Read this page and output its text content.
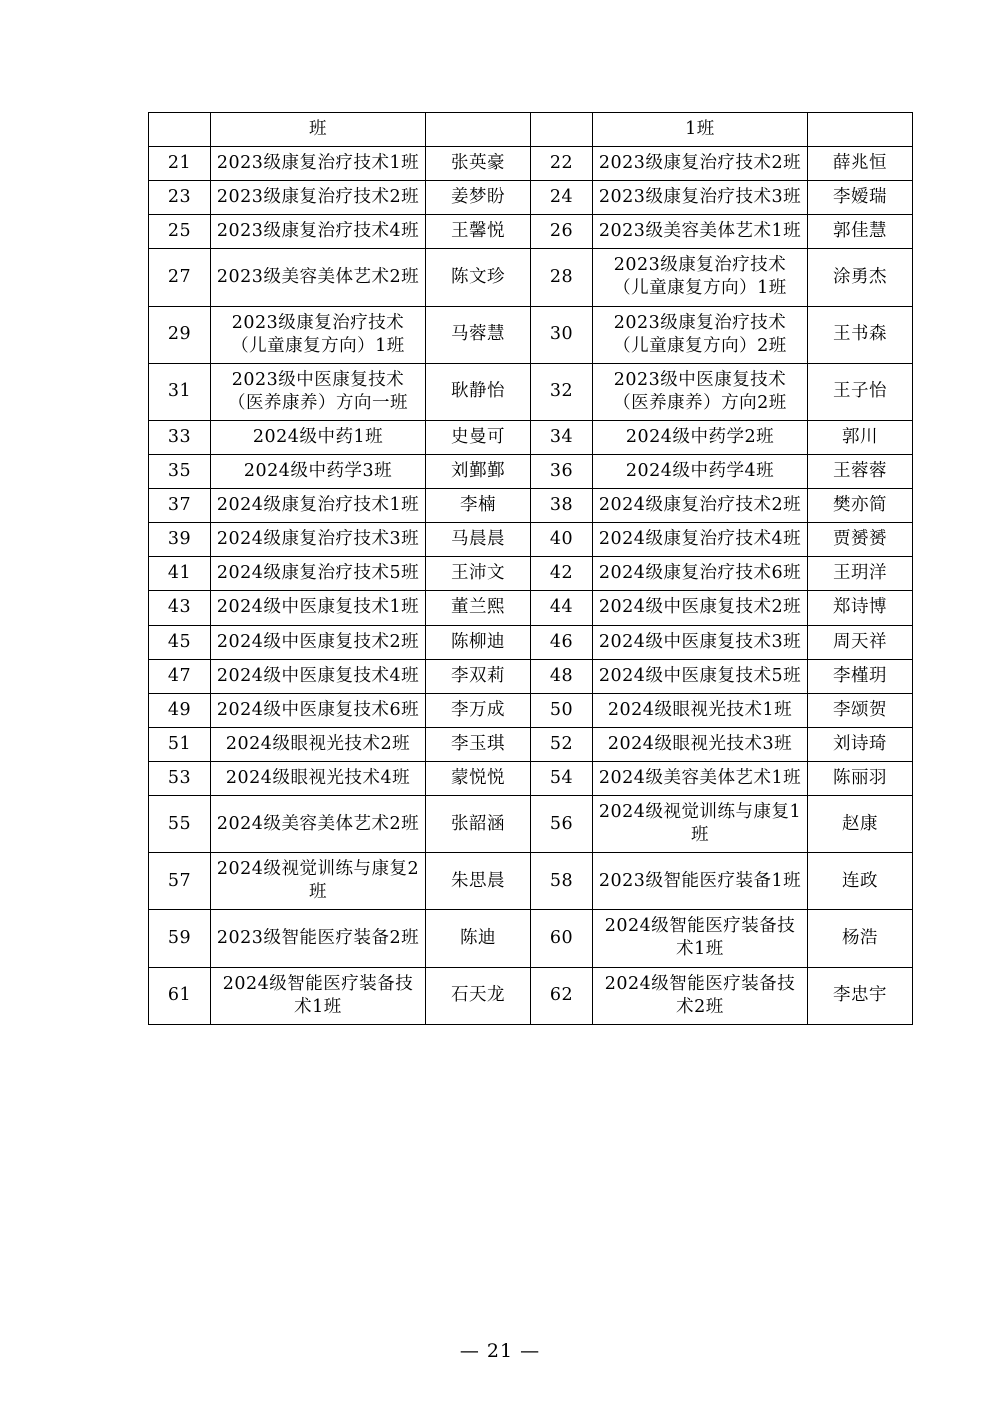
	班			1班	
21	2023级康复治疗技术1班	张英豪	22	2023级康复治疗技术2班	薛兆恒
23	2023级康复治疗技术2班	姜梦盼	24	2023级康复治疗技术3班	李嫒瑞
25	2023级康复治疗技术4班	王馨悦	26	2023级美容美体艺术1班	郭佳慧
27	2023级美容美体艺术2班	陈文珍	28	2023级康复治疗技术（儿童康复方向）1班	涂勇杰
29	2023级康复治疗技术（儿童康复方向）1班	马蓉慧	30	2023级康复治疗技术（儿童康复方向）2班	王书森
31	2023级中医康复技术（医养康养）方向一班	耿静怡	32	2023级中医康复技术（医养康养）方向2班	王子怡
33	2024级中药1班	史曼可	34	2024级中药学2班	郭川
35	2024级中药学3班	刘鄞鄞	36	2024级中药学4班	王蓉蓉
37	2024级康复治疗技术1班	李楠	38	2024级康复治疗技术2班	樊亦简
39	2024级康复治疗技术3班	马晨晨	40	2024级康复治疗技术4班	贾赟赟
41	2024级康复治疗技术5班	王沛文	42	2024级康复治疗技术6班	王玥洋
43	2024级中医康复技术1班	董兰熙	44	2024级中医康复技术2班	郑诗博
45	2024级中医康复技术2班	陈柳迪	46	2024级中医康复技术3班	周天祥
47	2024级中医康复技术4班	李双莉	48	2024级中医康复技术5班	李槿玥
49	2024级中医康复技术6班	李万成	50	2024级眼视光技术1班	李颂贺
51	2024级眼视光技术2班	李玉琪	52	2024级眼视光技术3班	刘诗琦
53	2024级眼视光技术4班	蒙悦悦	54	2024级美容美体艺术1班	陈丽羽
55	2024级美容美体艺术2班	张韶涵	56	2024级视觉训练与康复1班	赵康
57	2024级视觉训练与康复2班	朱思晨	58	2023级智能医疗装备1班	连政
59	2023级智能医疗装备2班	陈迪	60	2024级智能医疗装备技术1班	杨浩
61	2024级智能医疗装备技术1班	石天龙	62	2024级智能医疗装备技术2班	李忠宇
— 21 —
